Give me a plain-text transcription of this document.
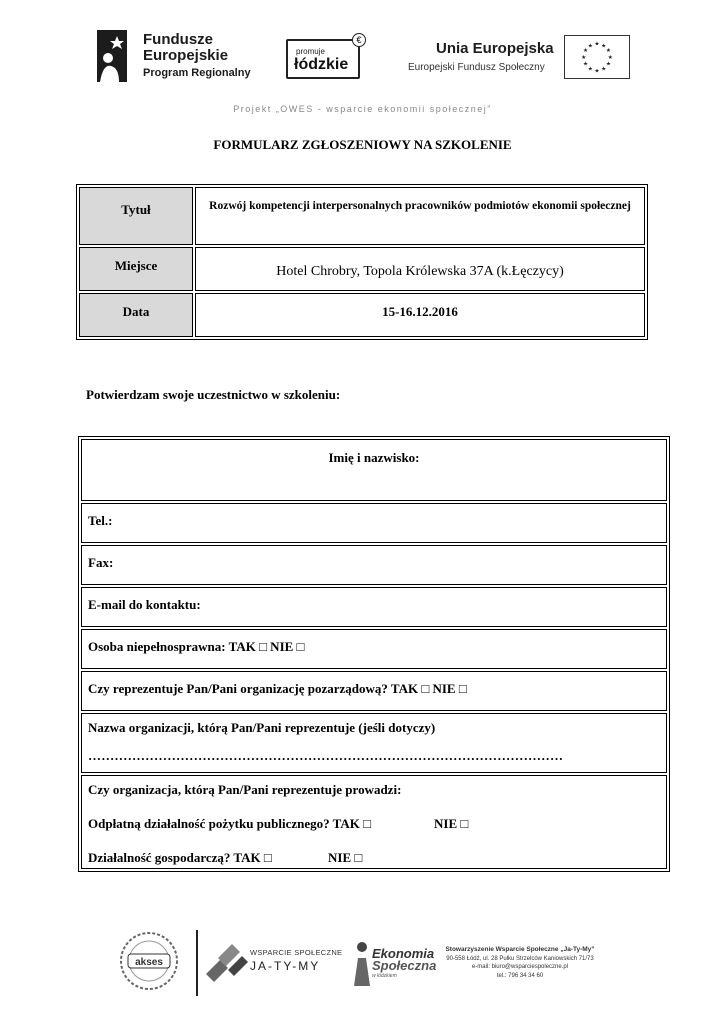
Fundusze
Europejskie
Program Regionalny
promuje
łódzkie
€	Unia Europejska
Europejski Fundusz Społeczny
★ ★
★
★
★
★
★
★
★
★
★
★
Projekt „OWES - wsparcie ekonomii społecznej”
FORMULARZ ZGŁOSZENIOWY NA SZKOLENIE
Tytuł	Rozwój kompetencji interpersonalnych pracowników podmiotów ekonomii społecznej
Miejsce	Hotel Chrobry, Topola Królewska 37A (k.Łęczycy)
Data	15-16.12.2016
Potwierdzam swoje uczestnictwo w szkoleniu:
Imię i nazwisko:
Tel.:
Fax:
E-mail do kontaktu:
Osoba niepełnosprawna: TAK □ NIE □
Czy reprezentuje Pan/Pani organizację pozarządową? TAK □ NIE □
Nazwa organizacji, którą Pan/Pani reprezentuje (jeśli dotyczy)
………………………………………………………………………………………………
Czy organizacja, którą Pan/Pani reprezentuje prowadzi:
Odpłatną działalność pożytku publicznego? TAK □	NIE □
Działalność gospodarczą? TAK □	NIE □
akses
WSPARCIE SPOŁECZNE
JA-TY-MY
Ekonomia
Społeczna
w łódzkiem
Stowarzyszenie Wsparcie Społeczne „Ja-Ty-My”
90-558 Łódź, ul. 28 Pułku Strzelców Kaniowskich 71/73
e-mail: biuro@wsparciespoleczne.pl
tel.: 796 34 34 60
